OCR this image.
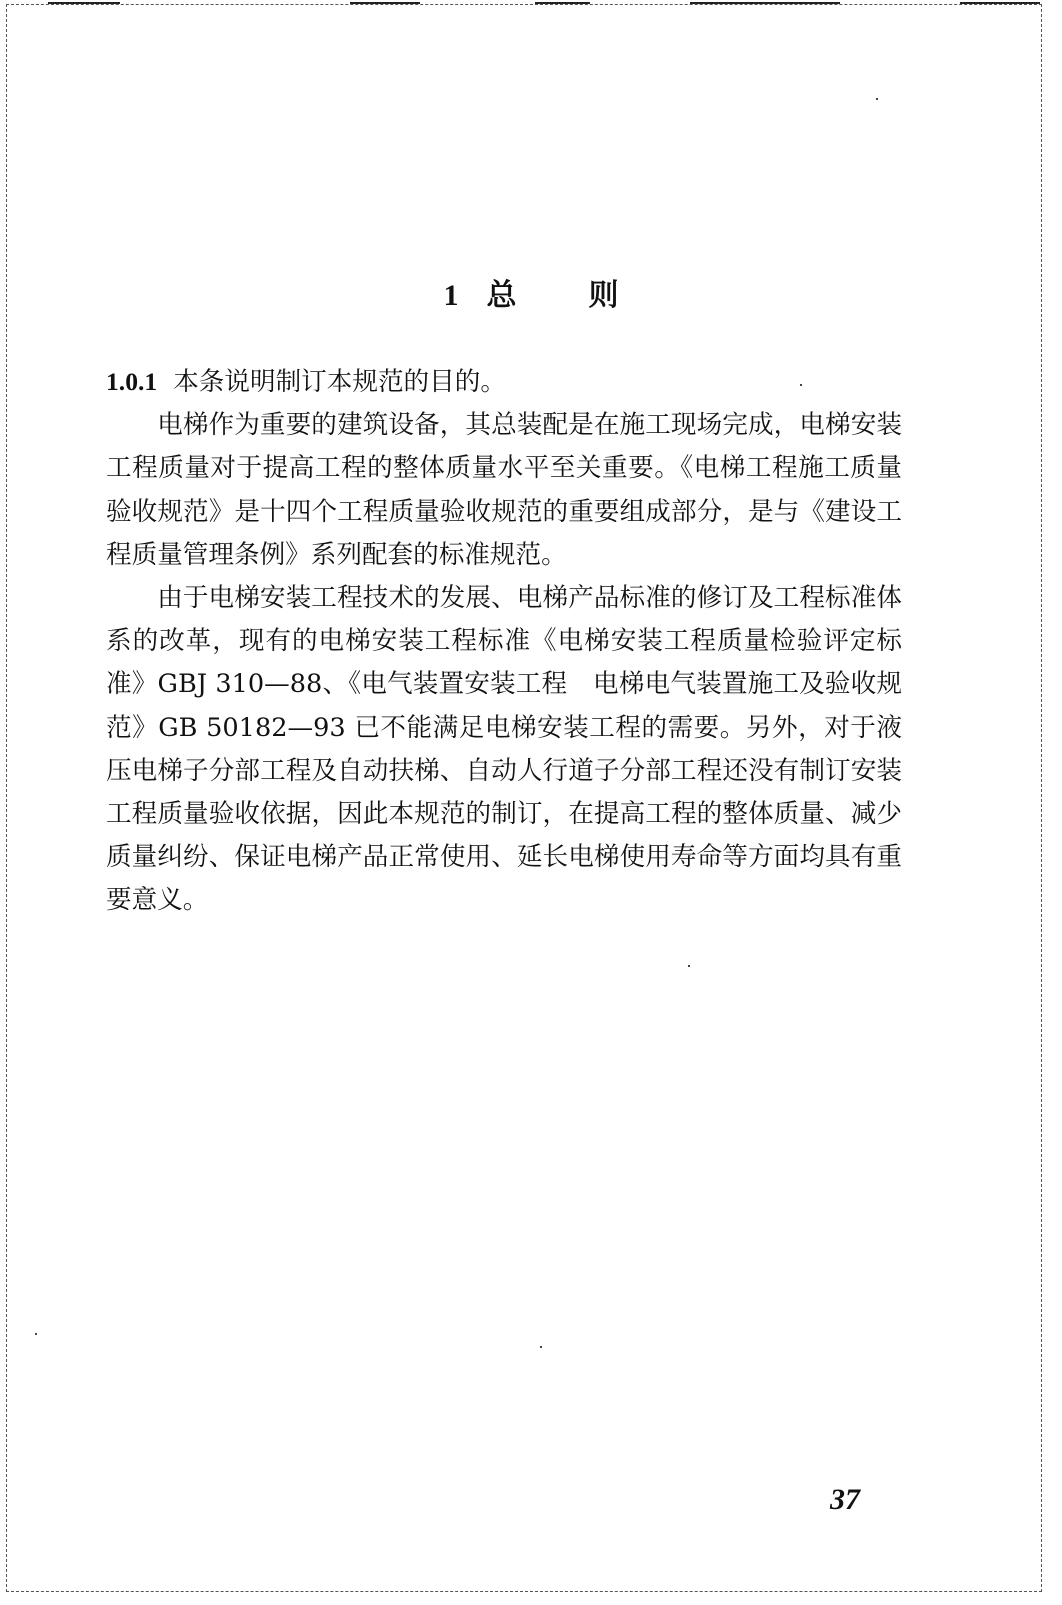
1 总 则

1.0.1 本条说明制订本规范的目的。

电梯作为重要的建筑设备，其总装配是在施工现场完成，电梯安装工程质量对于提高工程的整体质量水平至关重要。《电梯工程施工质量验收规范》是十四个工程质量验收规范的重要组成部分，是与《建设工程质量管理条例》系列配套的标准规范。

由于电梯安装工程技术的发展、电梯产品标准的修订及工程标准体系的改革，现有的电梯安装工程标准《电梯安装工程质量检验评定标准》GBJ 310—88、《电气装置安装工程　电梯电气装置施工及验收规范》GB 50182—93 已不能满足电梯安装工程的需要。另外，对于液压电梯子分部工程及自动扶梯、自动人行道子分部工程还没有制订安装工程质量验收依据，因此本规范的制订，在提高工程的整体质量、减少质量纠纷、保证电梯产品正常使用、延长电梯使用寿命等方面均具有重要意义。

37
